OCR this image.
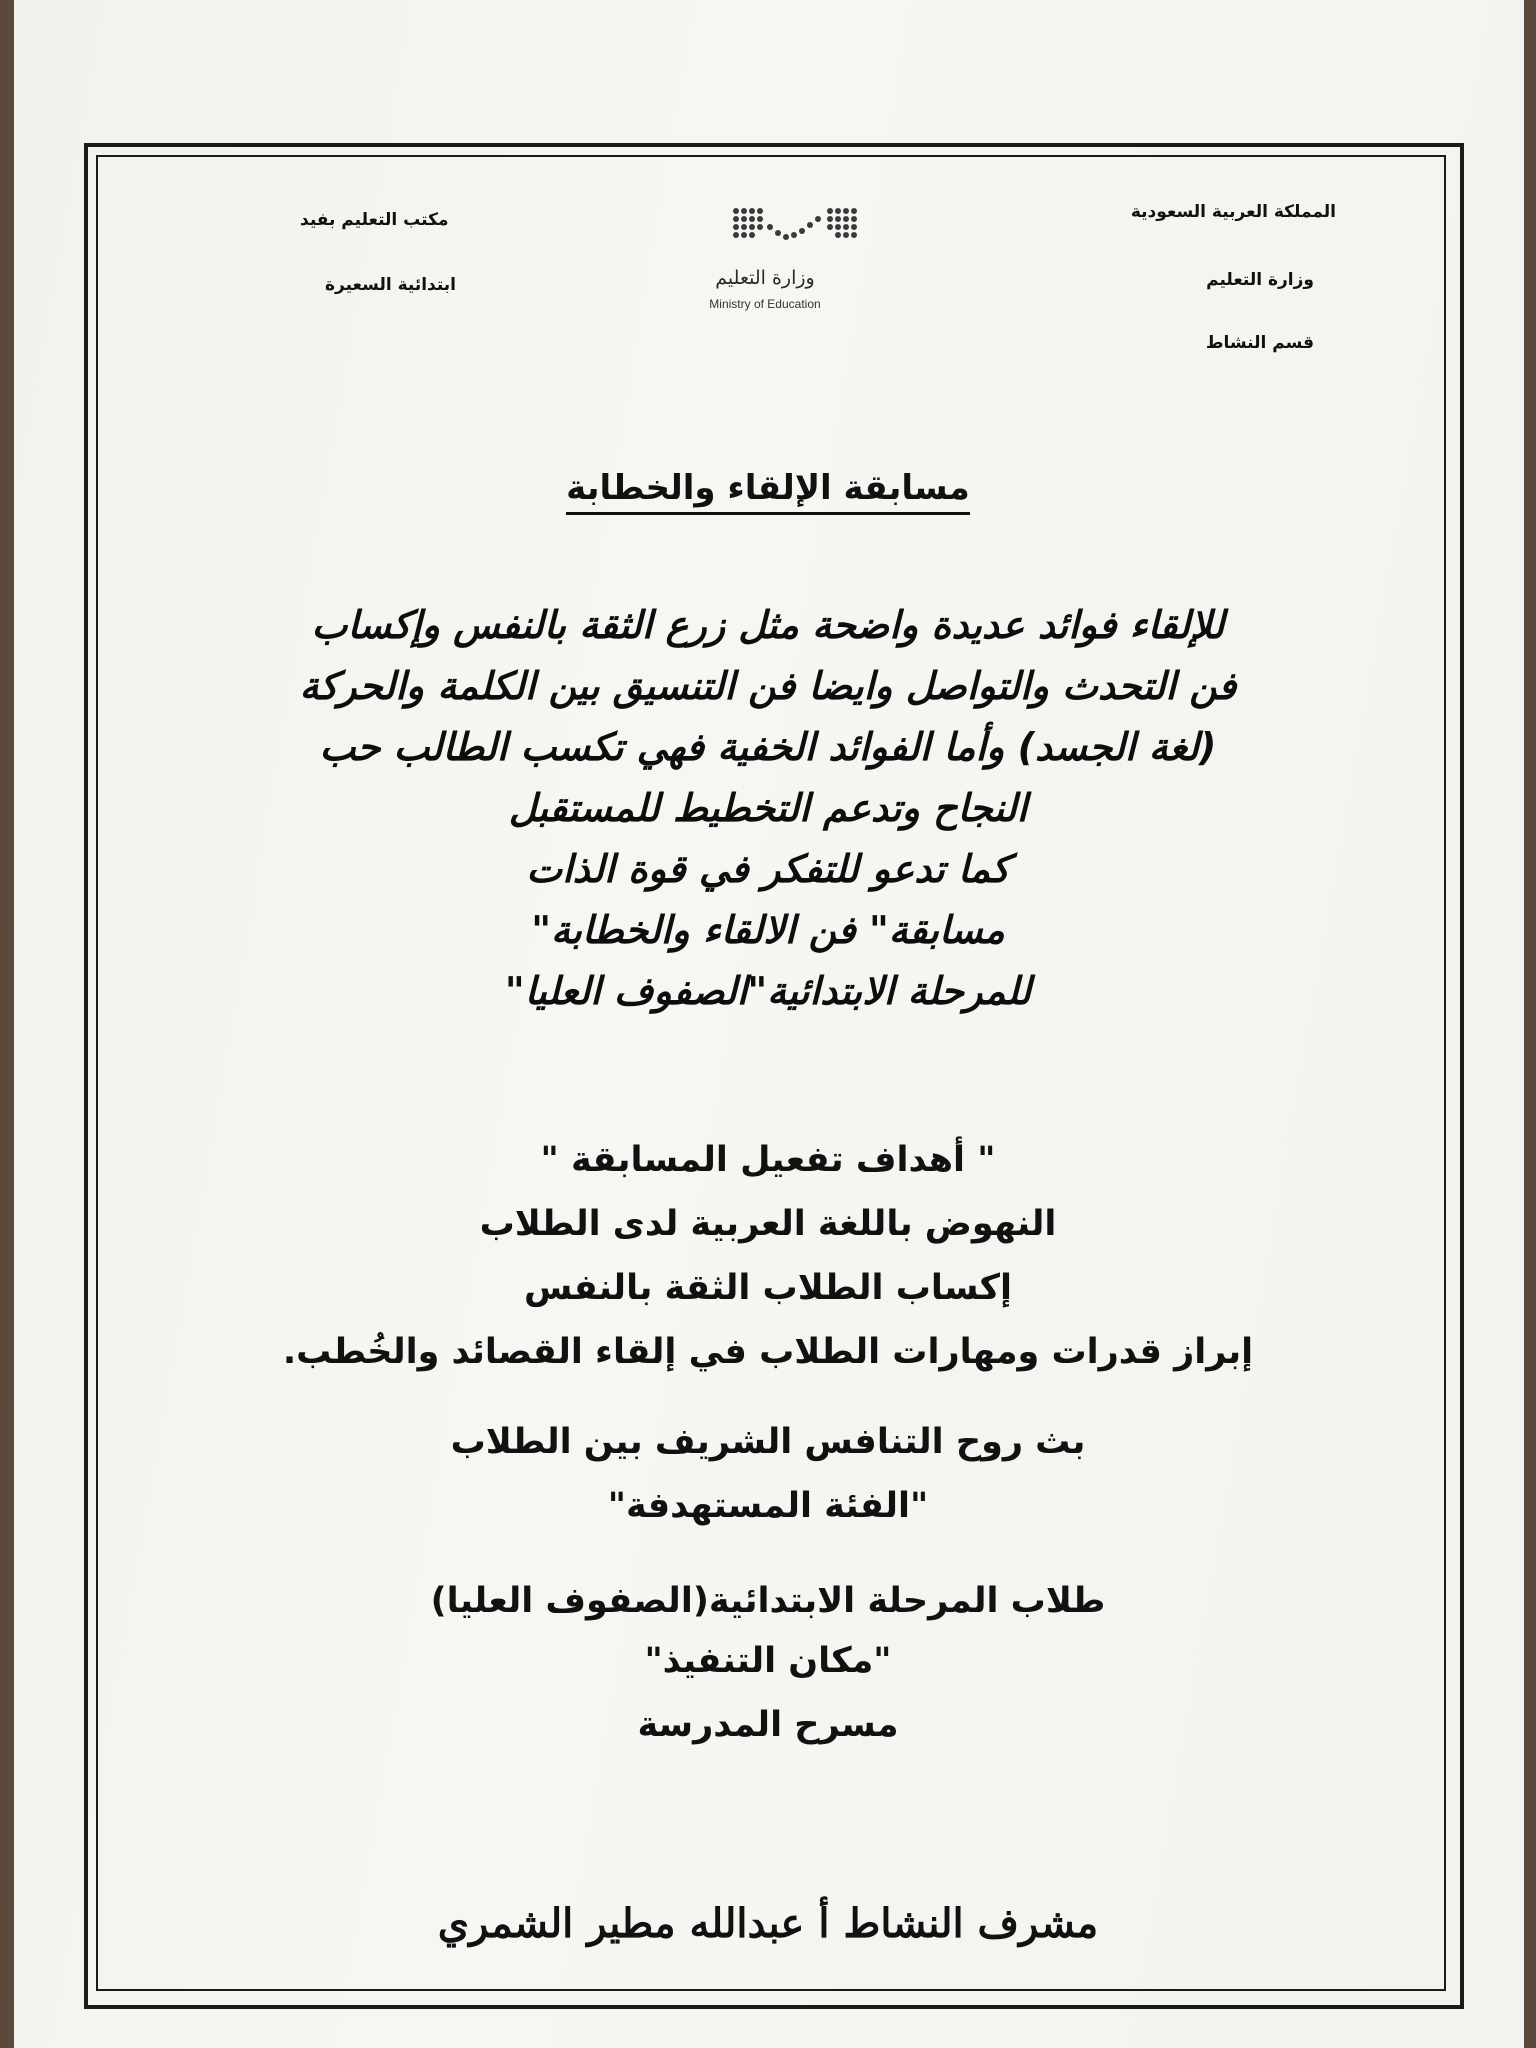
المملكة العربية السعودية
وزارة التعليم
قسم النشاط
مكتب التعليم بفيد
ابتدائية السعيرة	وزارة التعليم
Ministry of Education
مسابقة الإلقاء والخطابة
للإلقاء فوائد عديدة واضحة مثل زرع الثقة بالنفس وإكساب
فن التحدث والتواصل وايضا فن التنسيق بين الكلمة والحركة
(لغة الجسد) وأما الفوائد الخفية فهي تكسب الطالب حب
النجاح وتدعم التخطيط للمستقبل
كما تدعو للتفكر في قوة الذات
مسابقة" فن الالقاء والخطابة"
للمرحلة الابتدائية"الصفوف العليا"
" أهداف تفعيل المسابقة "
النهوض باللغة العربية لدى الطلاب
إكساب الطلاب الثقة بالنفس
إبراز قدرات ومهارات الطلاب في إلقاء القصائد والخُطب.
بث روح التنافس الشريف بين الطلاب
"الفئة المستهدفة"
طلاب المرحلة الابتدائية(الصفوف العليا)
"مكان التنفيذ"
مسرح المدرسة
مشرف النشاط أ عبدالله مطير الشمري
